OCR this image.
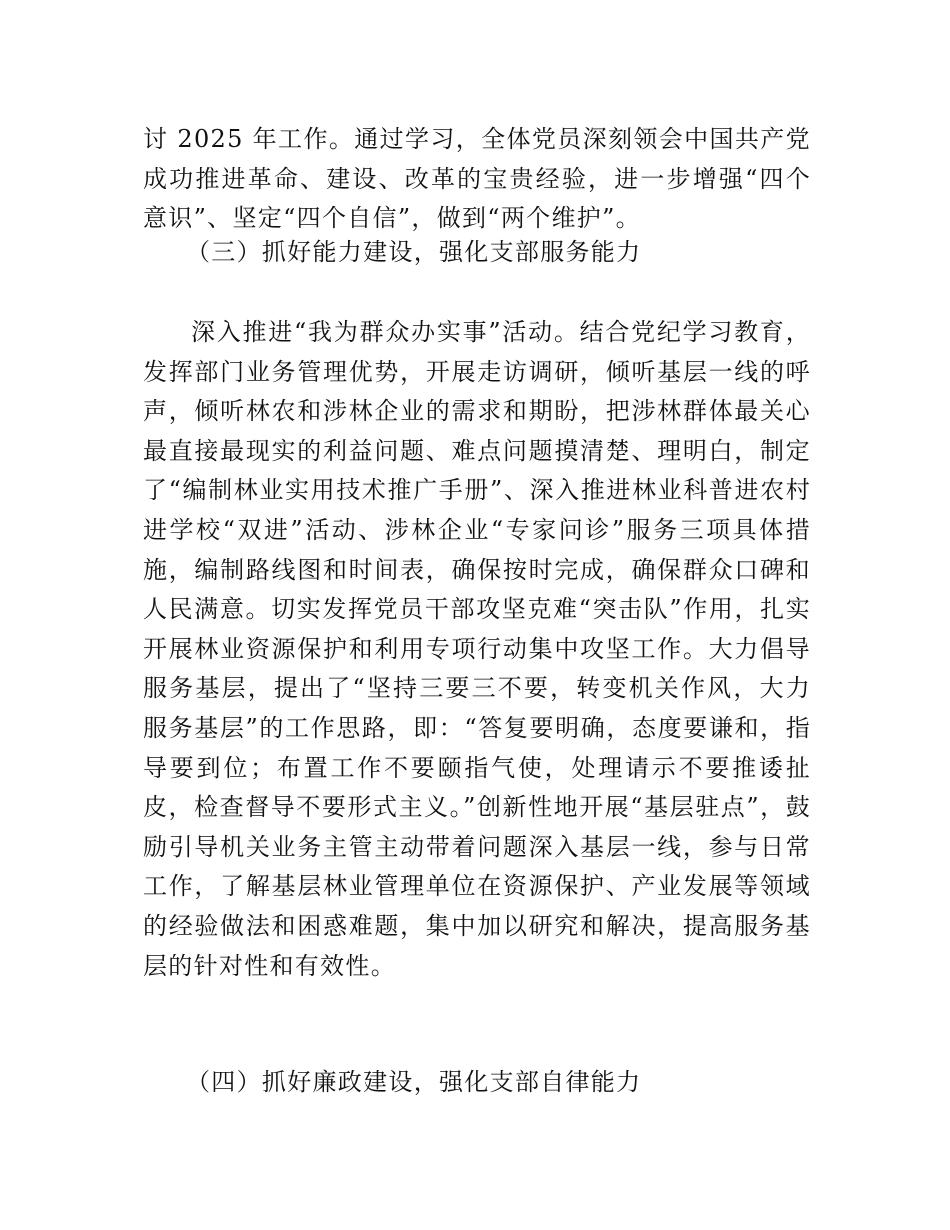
讨 2025 年工作。通过学习，全体党员深刻领会中国共产党成功推进革命、建设、改革的宝贵经验，进一步增强“四个意识”、坚定“四个自信”，做到“两个维护”。

（三）抓好能力建设，强化支部服务能力

深入推进“我为群众办实事”活动。结合党纪学习教育，发挥部门业务管理优势，开展走访调研，倾听基层一线的呼声，倾听林农和涉林企业的需求和期盼，把涉林群体最关心最直接最现实的利益问题、难点问题摸清楚、理明白，制定了“编制林业实用技术推广手册”、深入推进林业科普进农村进学校“双进”活动、涉林企业“专家问诊”服务三项具体措施，编制路线图和时间表，确保按时完成，确保群众口碑和人民满意。切实发挥党员干部攻坚克难“突击队”作用，扎实开展林业资源保护和利用专项行动集中攻坚工作。大力倡导服务基层，提出了“坚持三要三不要，转变机关作风，大力服务基层”的工作思路，即：“答复要明确，态度要谦和，指导要到位；布置工作不要颐指气使，处理请示不要推诿扯皮，检查督导不要形式主义。”创新性地开展“基层驻点”，鼓励引导机关业务主管主动带着问题深入基层一线，参与日常工作，了解基层林业管理单位在资源保护、产业发展等领域的经验做法和困惑难题，集中加以研究和解决，提高服务基层的针对性和有效性。

（四）抓好廉政建设，强化支部自律能力
